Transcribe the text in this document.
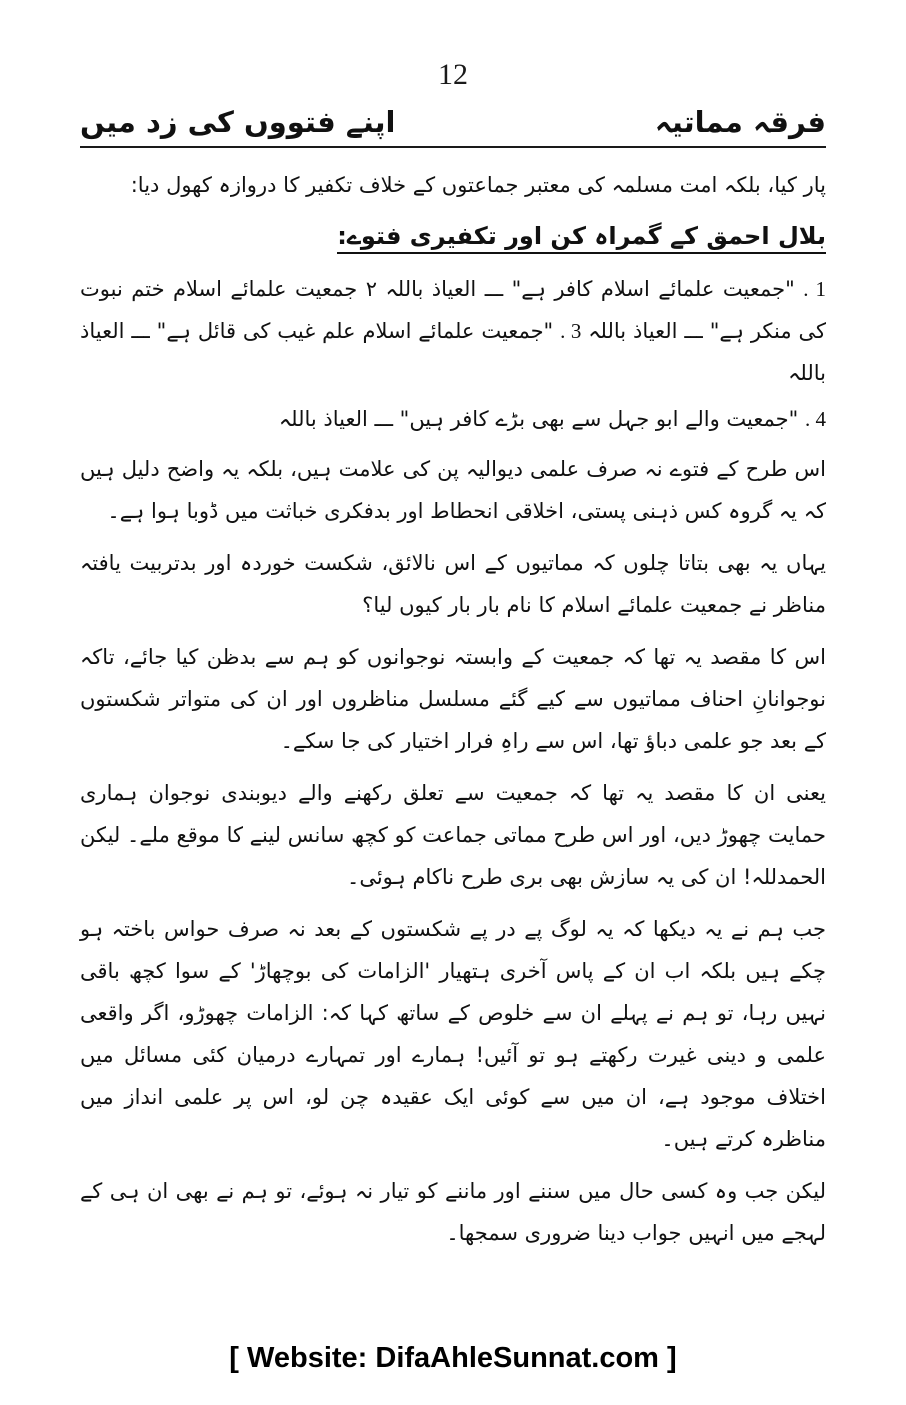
12
فرقہ مماتیہ
اپنے فتووں کی زد میں

پار کیا، بلکہ امت مسلمہ کی معتبر جماعتوں کے خلاف تکفیر کا دروازہ کھول دیا:

بلال احمق کے گمراہ کن اور تکفیری فتوے:
1 . "جمعیت علمائے اسلام کافر ہے" ـــ العیاذ باللہ ۲ جمعیت علمائے اسلام ختم نبوت کی منکر ہے" ـــ العیاذ باللہ 3 . "جمعیت علمائے اسلام علم غیب کی قائل ہے" ـــ العیاذ باللہ
4 . "جمعیت والے ابو جہل سے بھی بڑے کافر ہیں" ـــ العیاذ باللہ

اس طرح کے فتوے نہ صرف علمی دیوالیہ پن کی علامت ہیں، بلکہ یہ واضح دلیل ہیں کہ یہ گروہ کس ذہنی پستی، اخلاقی انحطاط اور بدفکری خباثت میں ڈوبا ہوا ہے۔

یہاں یہ بھی بتاتا چلوں کہ مماتیوں کے اس نالائق، شکست خوردہ اور بدتربیت یافتہ مناظر نے جمعیت علمائے اسلام کا نام بار بار کیوں لیا؟

اس کا مقصد یہ تھا کہ جمعیت کے وابستہ نوجوانوں کو ہم سے بدظن کیا جائے، تاکہ نوجوانانِ احناف مماتیوں سے کیے گئے مسلسل مناظروں اور ان کی متواتر شکستوں کے بعد جو علمی دباؤ تھا، اس سے راہِ فرار اختیار کی جا سکے۔

یعنی ان کا مقصد یہ تھا کہ جمعیت سے تعلق رکھنے والے دیوبندی نوجوان ہماری حمایت چھوڑ دیں، اور اس طرح مماتی جماعت کو کچھ سانس لینے کا موقع ملے۔ لیکن الحمدللہ! ان کی یہ سازش بھی بری طرح ناکام ہوئی۔

جب ہم نے یہ دیکھا کہ یہ لوگ پے در پے شکستوں کے بعد نہ صرف حواس باختہ ہو چکے ہیں بلکہ اب ان کے پاس آخری ہتھیار 'الزامات کی بوچھاڑ' کے سوا کچھ باقی نہیں رہا، تو ہم نے پہلے ان سے خلوص کے ساتھ کہا کہ: الزامات چھوڑو، اگر واقعی علمی و دینی غیرت رکھتے ہو تو آئیں! ہمارے اور تمہارے درمیان کئی مسائل میں اختلاف موجود ہے، ان میں سے کوئی ایک عقیدہ چن لو، اس پر علمی انداز میں مناظرہ کرتے ہیں۔

لیکن جب وہ کسی حال میں سننے اور ماننے کو تیار نہ ہوئے، تو ہم نے بھی ان ہی کے لہجے میں انہیں جواب دینا ضروری سمجھا۔

[ Website: DifaAhleSunnat.com ]
